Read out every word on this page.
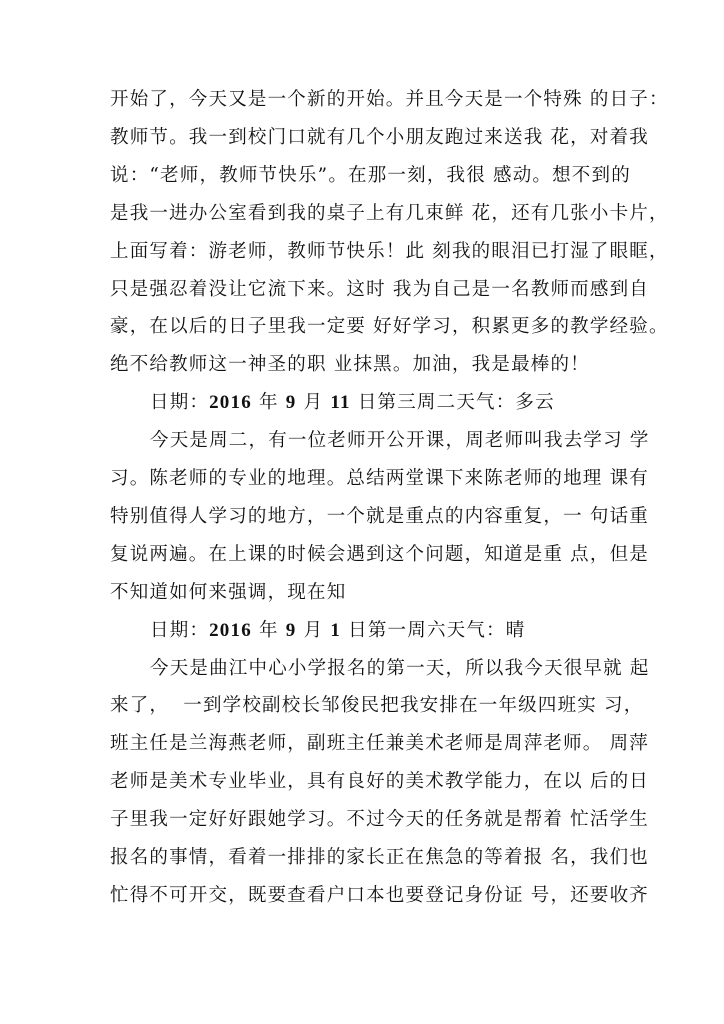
开始了，今天又是一个新的开始。并且今天是一个特殊 的日子：
教师节。我一到校门口就有几个小朋友跑过来送我 花，对着我
说：“老师，教师节快乐”。在那一刻，我很 感动。想不到的
是我一进办公室看到我的桌子上有几束鲜 花，还有几张小卡片，
上面写着：游老师，教师节快乐！此 刻我的眼泪已打湿了眼眶，
只是强忍着没让它流下来。这时 我为自己是一名教师而感到自
豪，在以后的日子里我一定要 好好学习，积累更多的教学经验。
绝不给教师这一神圣的职 业抹黑。加油，我是最棒的！
日期：2016 年 9 月 11 日第三周二天气：多云
今天是周二，有一位老师开公开课，周老师叫我去学习 学
习。陈老师的专业的地理。总结两堂课下来陈老师的地理 课有
特别值得人学习的地方，一个就是重点的内容重复，一 句话重
复说两遍。在上课的时候会遇到这个问题，知道是重 点，但是
不知道如何来强调，现在知
日期：2016 年 9 月 1 日第一周六天气：晴
今天是曲江中心小学报名的第一天，所以我今天很早就 起
来了，  一到学校副校长邹俊民把我安排在一年级四班实 习，
班主任是兰海燕老师，副班主任兼美术老师是周萍老师。 周萍
老师是美术专业毕业，具有良好的美术教学能力，在以 后的日
子里我一定好好跟她学习。不过今天的任务就是帮着 忙活学生
报名的事情，看着一排排的家长正在焦急的等着报 名，我们也
忙得不可开交，既要查看户口本也要登记身份证 号，还要收齐
